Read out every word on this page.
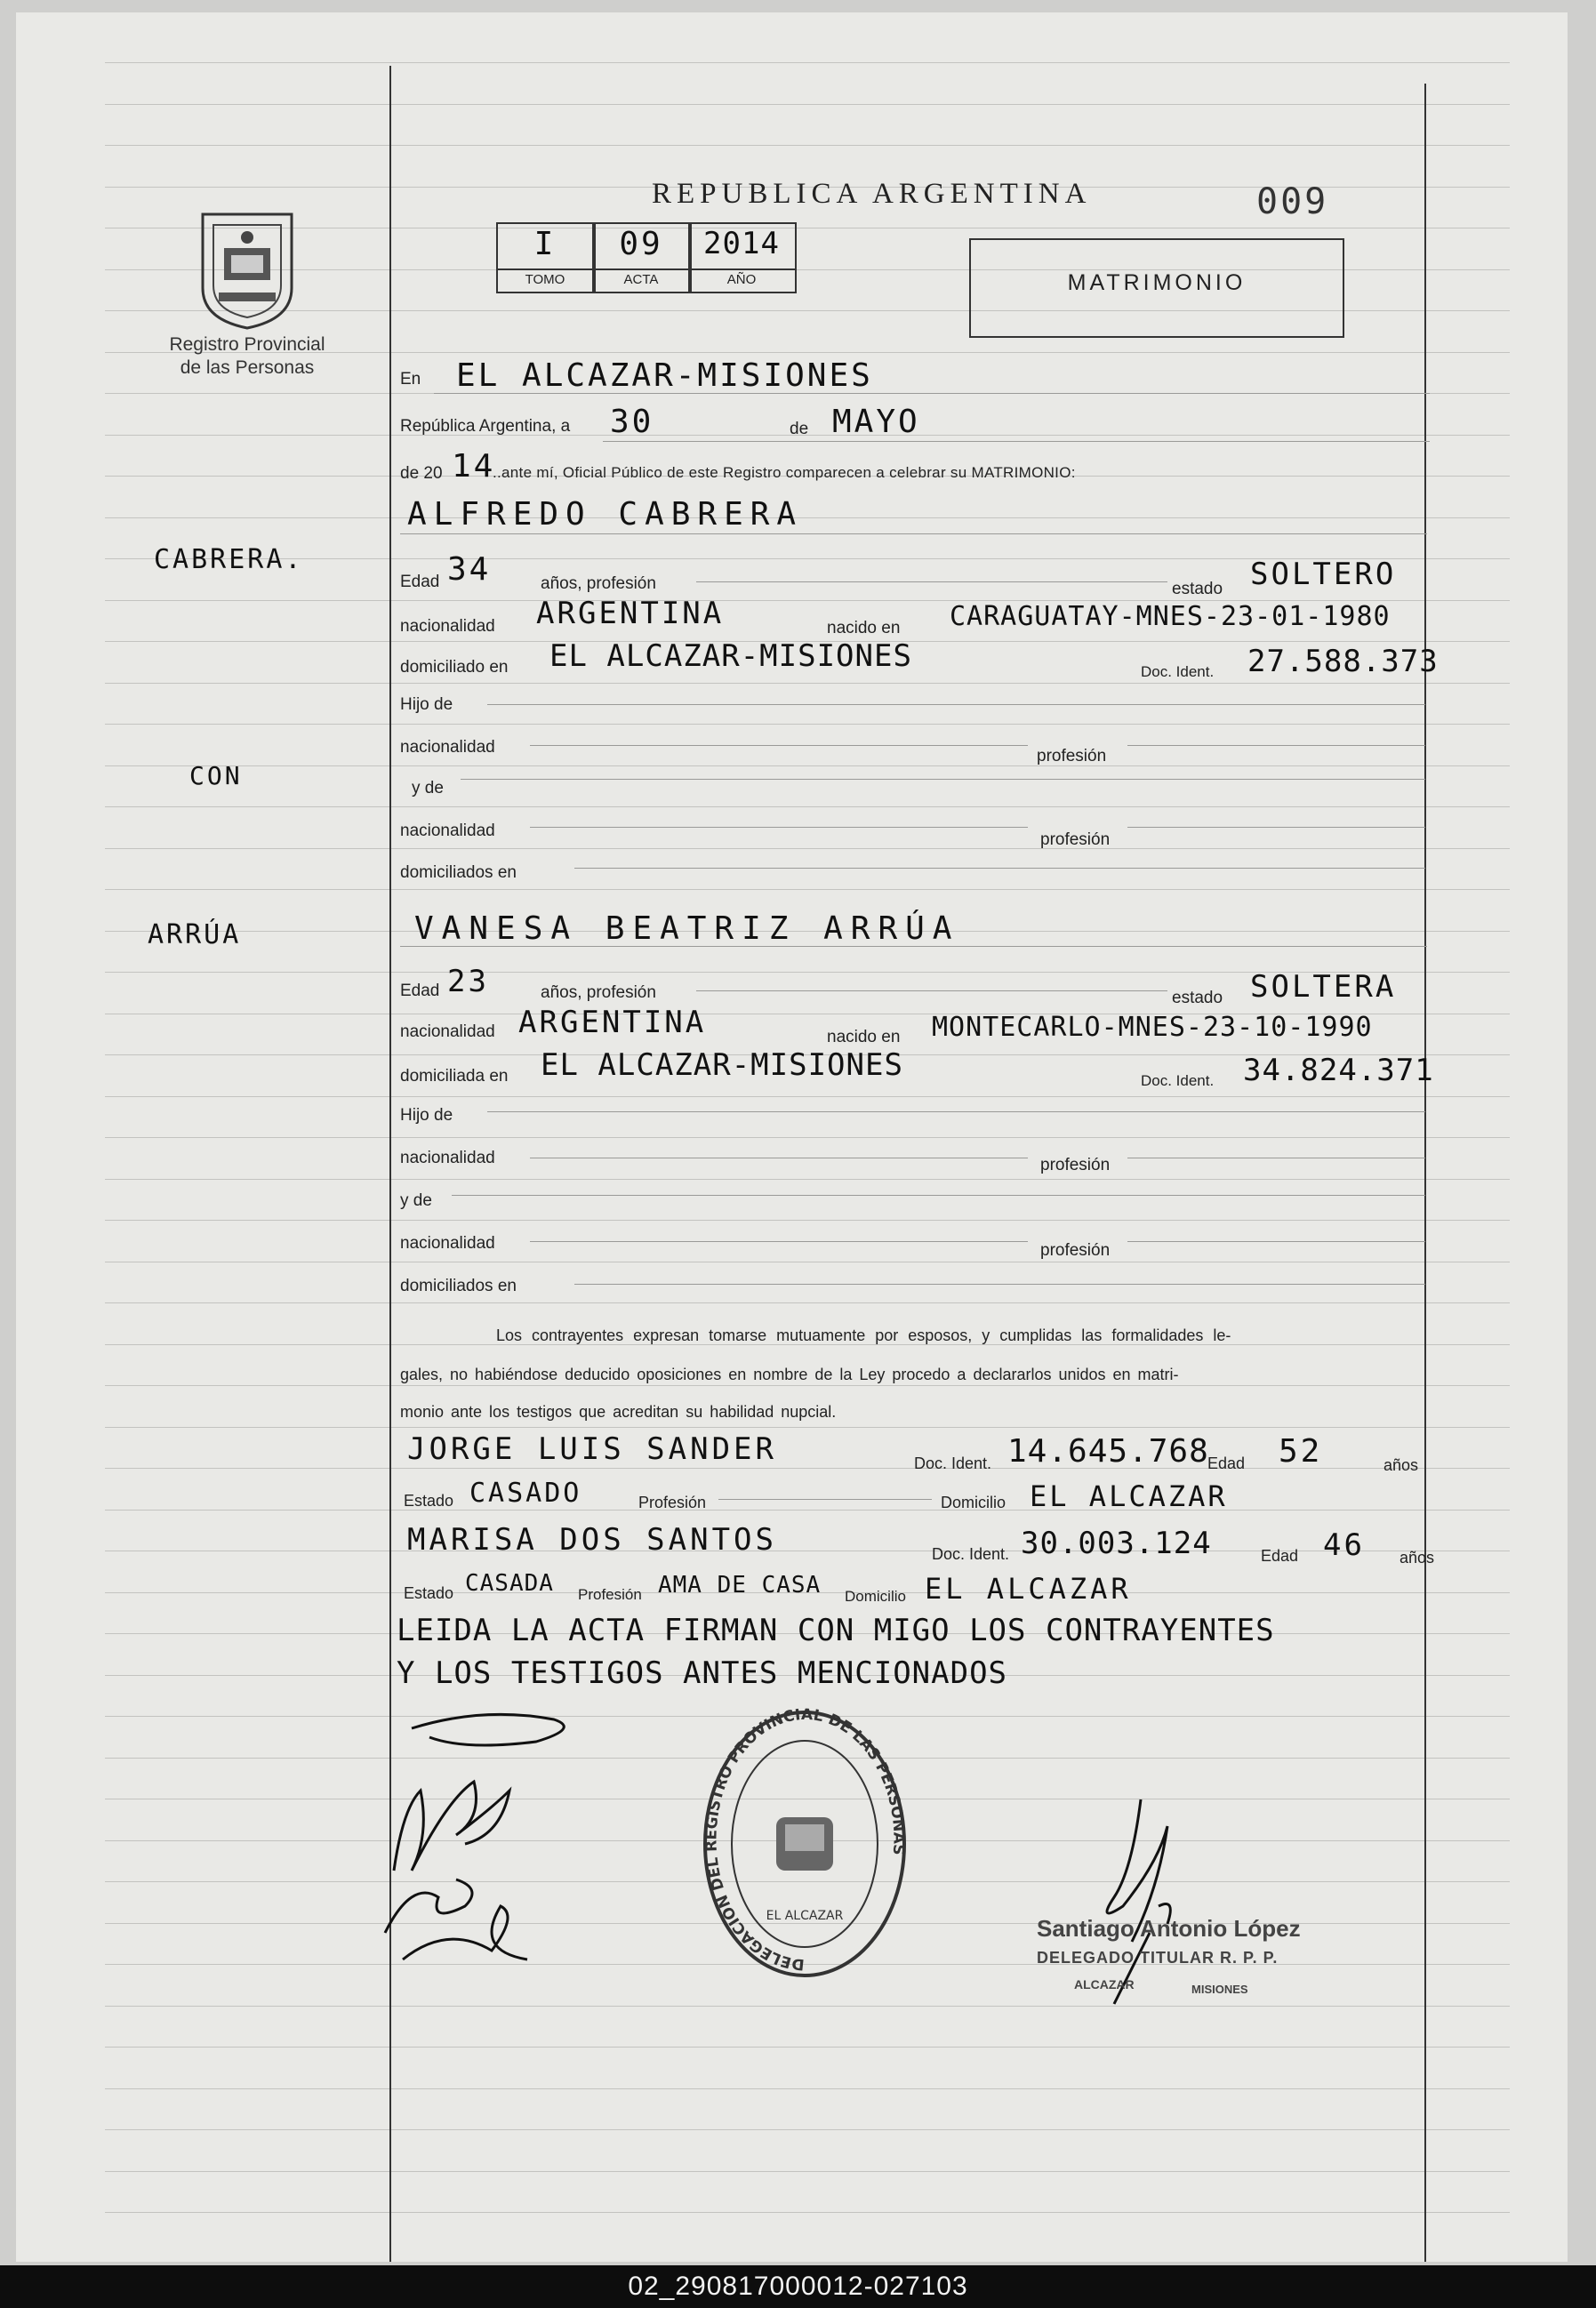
Registro Provincial
de las Personas
REPUBLICA ARGENTINA	009
I	09	2014
TOMO	ACTA	AÑO	MATRIMONIO
En EL ALCAZAR-MISIONES
República Argentina, a 30	de MAYO
de 20 14
..ante mí, Oficial Público de este Registro comparecen a celebrar su MATRIMONIO:
CABRERA.
ALFREDO CABRERA
Edad 34	años, profesión	estado SOLTERO
nacionalidad ARGENTINA	nacido en CARAGUATAY-MNES-23-01-1980
domiciliado en EL ALCAZAR-MISIONES	Doc. Ident. 27.588.373
Hijo de
nacionalidad	profesión
CON	y de
nacionalidad	profesión
domiciliados en
ARRÚA	VANESA BEATRIZ ARRÚA
Edad 23	años, profesión	estado SOLTERA
nacionalidad ARGENTINA	nacido en MONTECARLO-MNES-23-10-1990
domiciliada en EL ALCAZAR-MISIONES	Doc. Ident. 34.824.371
Hijo de
nacionalidad	profesión
y de
nacionalidad	profesión
domiciliados en
Los contrayentes expresan tomarse mutuamente por esposos, y cumplidas las formalidades le-
gales, no habiéndose deducido oposiciones en nombre de la Ley procedo a declararlos unidos en matri-
monio ante los testigos que acreditan su habilidad nupcial.
JORGE LUIS SANDER	Doc. Ident. 14.645.768
Edad 52	años
Estado CASADO	Profesión	Domicilio EL ALCAZAR
MARISA DOS SANTOS	Doc. Ident. 30.003.124	Edad 46 años
Estado CASADA Profesión AMA DE CASA Domicilio EL ALCAZAR
LEIDA LA ACTA FIRMAN CON MIGO LOS CONTRAYENTES
Y LOS TESTIGOS ANTES MENCIONADOS
DELEGACION DEL REGISTRO PROVINCIAL DE LAS PERSONAS
EL ALCAZAR	Santiago Antonio López
DELEGADO TITULAR R. P. P.
ALCAZAR	MISIONES
02_290817000012-027103
